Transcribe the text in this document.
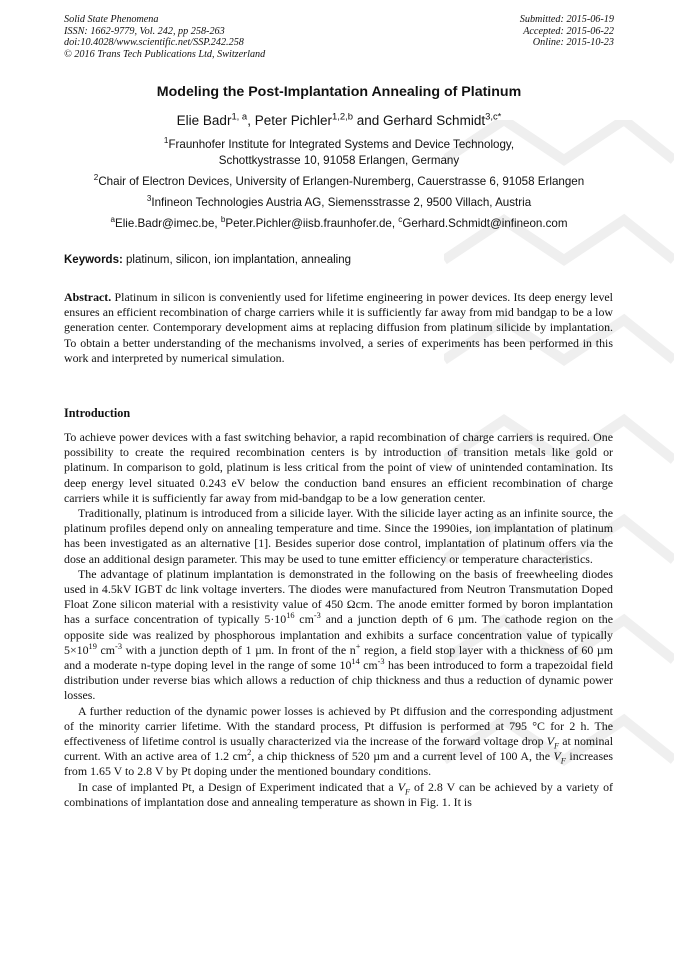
Solid State Phenomena
ISSN: 1662-9779, Vol. 242, pp 258-263
doi:10.4028/www.scientific.net/SSP.242.258
© 2016 Trans Tech Publications Ltd, Switzerland
Submitted: 2015-06-19
Accepted: 2015-06-22
Online: 2015-10-23
Modeling the Post-Implantation Annealing of Platinum
Elie Badr$^{1, a}$, Peter Pichler$^{1,2,b}$ and Gerhard Schmidt$^{3,c*}$
$^1$Fraunhofer Institute for Integrated Systems and Device Technology,
Schottkystrasse 10, 91058 Erlangen, Germany
$^2$Chair of Electron Devices, University of Erlangen-Nuremberg, Cauerstrasse 6, 91058 Erlangen
$^3$Infineon Technologies Austria AG, Siemensstrasse 2, 9500 Villach, Austria
$^a$Elie.Badr@imec.be, $^b$Peter.Pichler@iisb.fraunhofer.de, $^c$Gerhard.Schmidt@infineon.com
Keywords: platinum, silicon, ion implantation, annealing

Abstract. Platinum in silicon is conveniently used for lifetime engineering in power devices. Its deep energy level ensures an efficient recombination of charge carriers while it is sufficiently far away from mid bandgap to be a low generation center. Contemporary development aims at replacing diffusion from platinum silicide by implantation. To obtain a better understanding of the mechanisms involved, a series of experiments has been performed in this work and interpreted by numerical simulation.

Introduction

To achieve power devices with a fast switching behavior, a rapid recombination of charge carriers is required. One possibility to create the required recombination centers is by introduction of transition metals like gold or platinum. In comparison to gold, platinum is less critical from the point of view of unintended contamination. Its deep energy level situated 0.243 eV below the conduction band ensures an efficient recombination of charge carriers while it is sufficiently far away from mid-bandgap to be a low generation center.

Traditionally, platinum is introduced from a silicide layer. With the silicide layer acting as an infinite source, the platinum profiles depend only on annealing temperature and time. Since the 1990ies, ion implantation of platinum has been investigated as an alternative [1]. Besides superior dose control, implantation of platinum offers via the dose an additional design parameter. This may be used to tune emitter efficiency or temperature characteristics.

The advantage of platinum implantation is demonstrated in the following on the basis of freewheeling diodes used in 4.5kV IGBT dc link voltage inverters. The diodes were manufactured from Neutron Transmutation Doped Float Zone silicon material with a resistivity value of 450 Ωcm. The anode emitter formed by boron implantation has a surface concentration of typically $5\cdot 10^{16}$ $cm^{-3}$ and a junction depth of 6 µm. The cathode region on the opposite side was realized by phosphorous implantation and exhibits a surface concentration value of typically $5\times 10^{19}$ $cm^{-3}$ with a junction depth of 1 µm. In front of the n+ region, a field stop layer with a thickness of 60 µm and a moderate n-type doping level in the range of some $10^{14}$ $cm^{-3}$ has been introduced to form a trapezoidal field distribution under reverse bias which allows a reduction of chip thickness and thus a reduction of dynamic power losses.

A further reduction of the dynamic power losses is achieved by Pt diffusion and the corresponding adjustment of the minority carrier lifetime. With the standard process, Pt diffusion is performed at 795 °C for 2 h. The effectiveness of lifetime control is usually characterized via the increase of the forward voltage drop $V_F$ at nominal current. With an active area of 1.2 $cm^2$, a chip thickness of 520 µm and a current level of 100 A, the $V_F$ increases from 1.65 V to 2.8 V by Pt doping under the mentioned boundary conditions.

In case of implanted Pt, a Design of Experiment indicated that a $V_F$ of 2.8 V can be achieved by a variety of combinations of implantation dose and annealing temperature as shown in Fig. 1. It is
